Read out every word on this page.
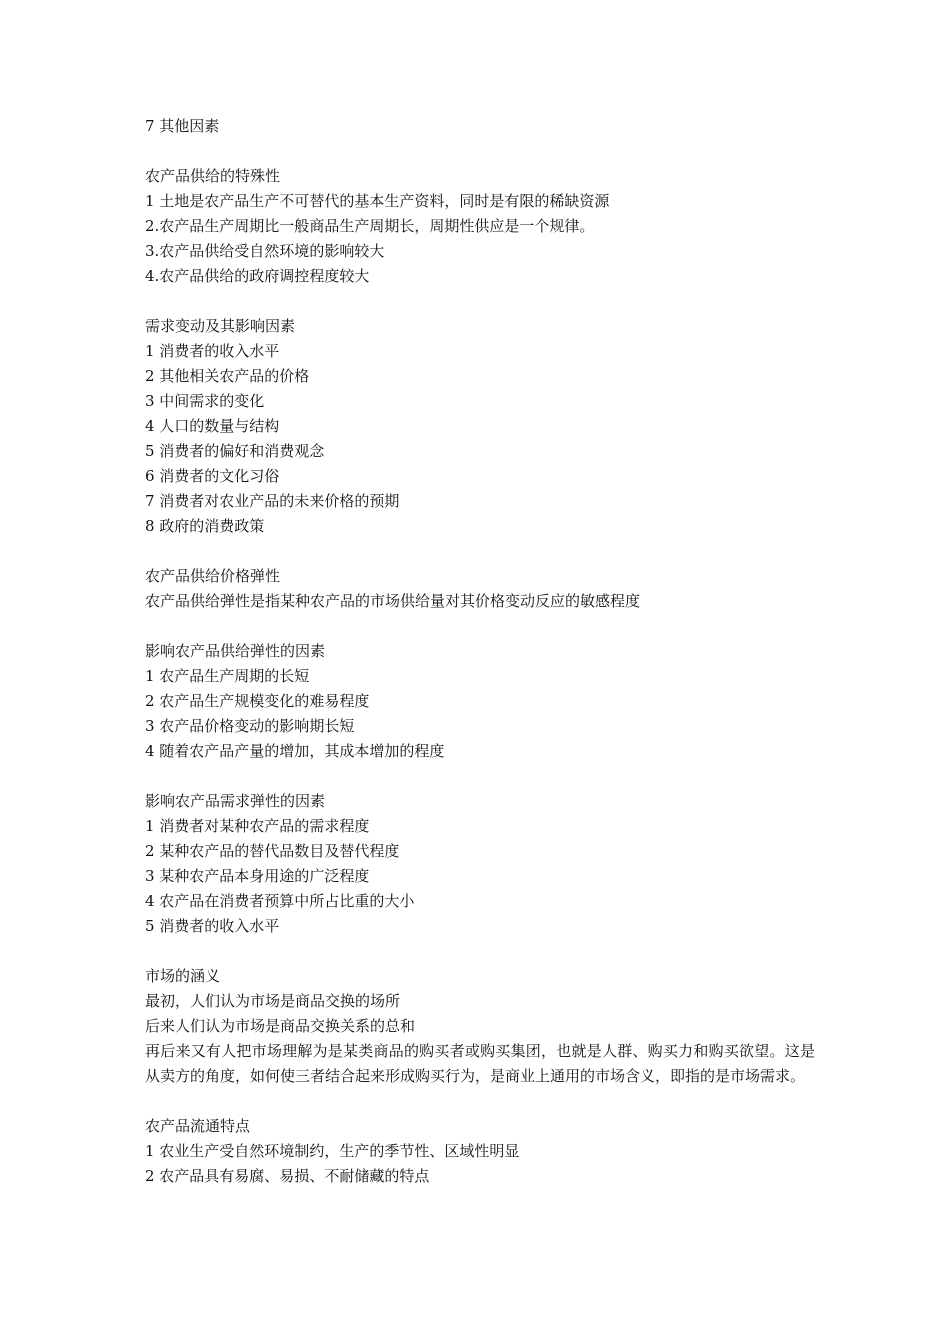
7 其他因素
农产品供给的特殊性
1 土地是农产品生产不可替代的基本生产资料，同时是有限的稀缺资源
2.农产品生产周期比一般商品生产周期长，周期性供应是一个规律。
3.农产品供给受自然环境的影响较大
4.农产品供给的政府调控程度较大
需求变动及其影响因素
1 消费者的收入水平
2 其他相关农产品的价格
3 中间需求的变化
4 人口的数量与结构
5 消费者的偏好和消费观念
6 消费者的文化习俗
7 消费者对农业产品的未来价格的预期
8 政府的消费政策
农产品供给价格弹性
农产品供给弹性是指某种农产品的市场供给量对其价格变动反应的敏感程度
影响农产品供给弹性的因素
1 农产品生产周期的长短
2 农产品生产规模变化的难易程度
3 农产品价格变动的影响期长短
4 随着农产品产量的增加，其成本增加的程度
影响农产品需求弹性的因素
1 消费者对某种农产品的需求程度
2 某种农产品的替代品数目及替代程度
3 某种农产品本身用途的广泛程度
4 农产品在消费者预算中所占比重的大小
5 消费者的收入水平
市场的涵义
最初，人们认为市场是商品交换的场所
后来人们认为市场是商品交换关系的总和
再后来又有人把市场理解为是某类商品的购买者或购买集团，也就是人群、购买力和购买欲望。这是从卖方的角度，如何使三者结合起来形成购买行为，是商业上通用的市场含义，即指的是市场需求。
农产品流通特点
1 农业生产受自然环境制约，生产的季节性、区域性明显
2 农产品具有易腐、易损、不耐储藏的特点
